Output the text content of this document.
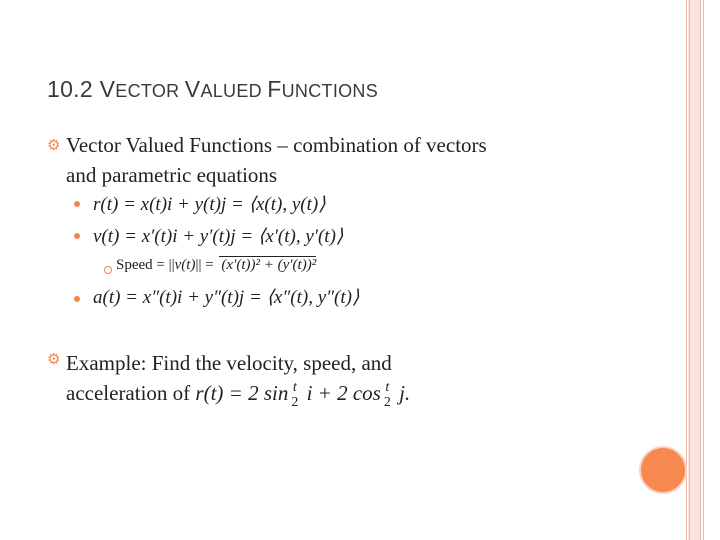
10.2 VECTOR VALUED FUNCTIONS
⚙ Vector Valued Functions – combination of vectors
and parametric equations
r(t) = x(t)i + y(t)j = ⟨x(t), y(t)⟩
v(t) = x′(t)i + y′(t)j = ⟨x′(t), y′(t)⟩
Speed = ||v(t)|| = (x′(t))² + (y′(t))²
a(t) = x″(t)i + y″(t)j = ⟨x″(t), y″(t)⟩
⚙ Example: Find the velocity, speed, and
acceleration of r(t) = 2 sin t
2 i + 2 cos t
2 j.
